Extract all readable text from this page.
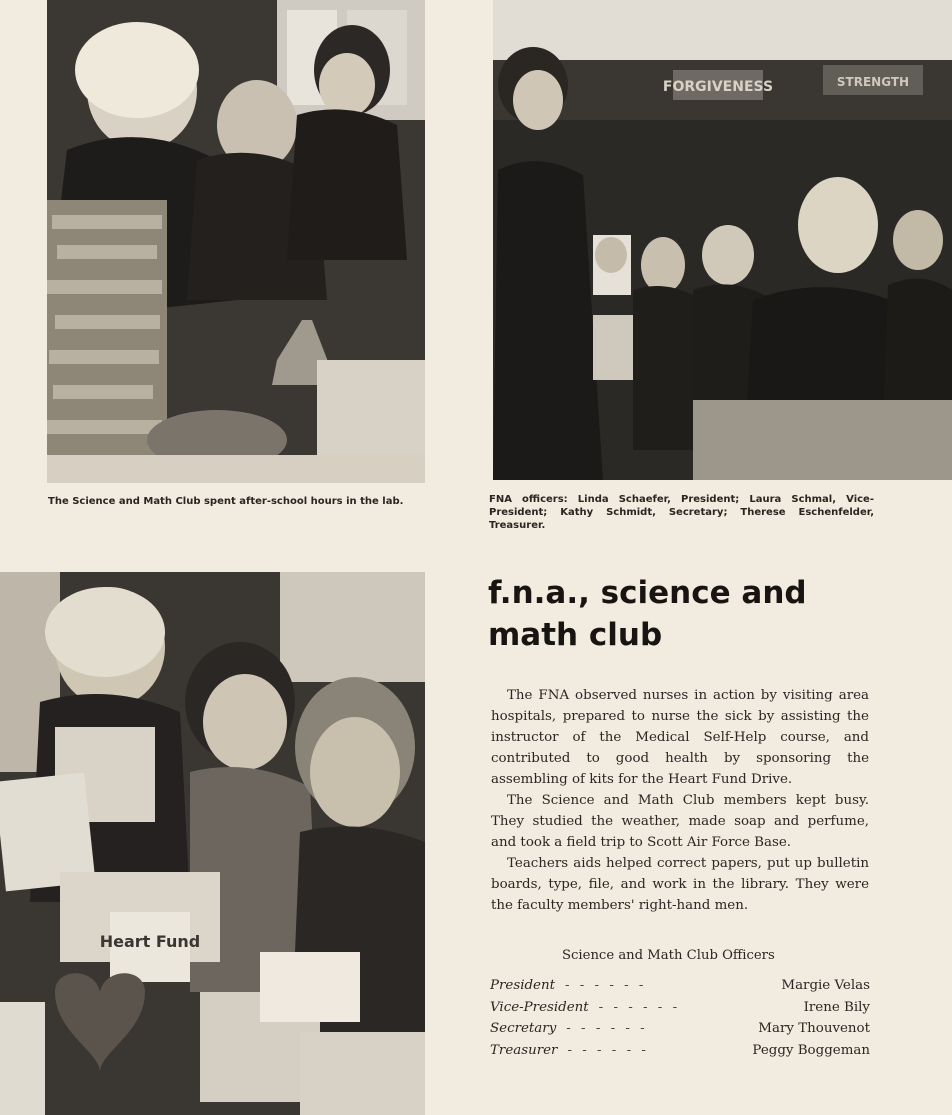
FORGIVENESS	STRENGTH
Heart Fund
The Science and Math Club spent after-school hours in the lab.	FNA officers: Linda Schaefer, President; Laura Schmal, Vice-President; Kathy Schmidt, Secretary; Therese Eschenfelder, Treasurer.
f.n.a., science and
math club

The FNA observed nurses in action by visiting area hospitals, prepared to nurse the sick by assisting the instructor of the Medical Self-Help course, and contributed to good health by sponsoring the assembling of kits for the Heart Fund Drive.

The Science and Math Club members kept busy. They studied the weather, made soap and perfume, and took a field trip to Scott Air Force Base.

Teachers aids helped correct papers, put up bulletin boards, type, file, and work in the library. They were the faculty members' right-hand men.

Science and Math Club Officers
President - - - - - -	Margie Velas
Vice-President - - - - - -	Irene Bily
Secretary - - - - - -	Mary Thouvenot
Treasurer - - - - - -	Peggy Boggeman
